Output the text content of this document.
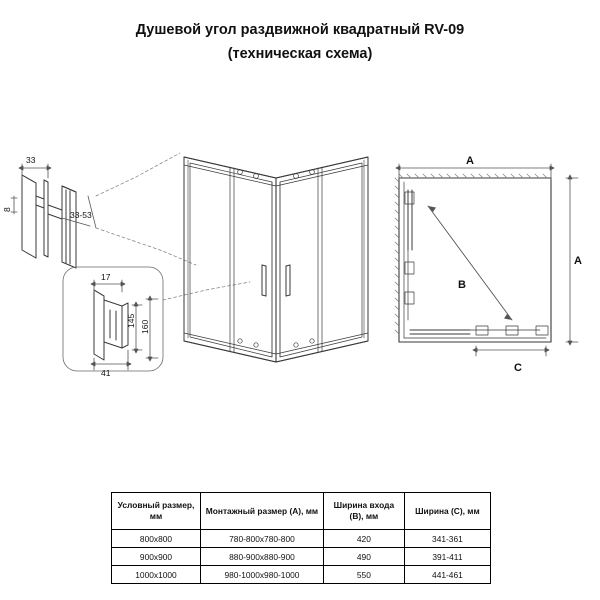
Душевой угол раздвижной квадратный RV-09
(техническая схема)
33
8
33-53
17
160
145
41
A
A
C
B
Условный размер, мм	Монтажный размер (A), мм	Ширина входа (B), мм	Ширина (C), мм
800x800	780-800x780-800	420	341-361
900x900	880-900x880-900	490	391-411
1000x1000	980-1000x980-1000	550	441-461
